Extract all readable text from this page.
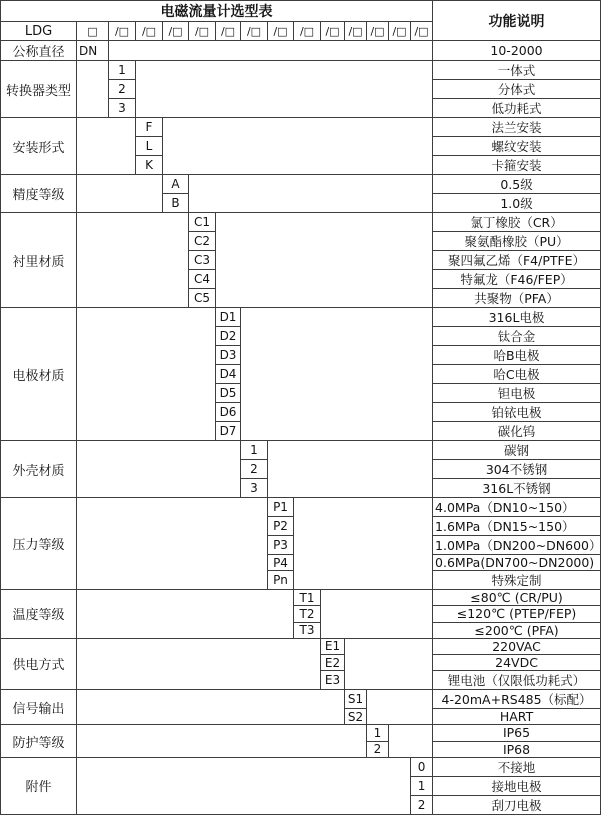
电磁流量计选型表															功能说明
LDG	□	/□	/□	/□	/□	/□	/□	/□	/□	/□	/□	/□	/□	/□	
公称直径	DN														10-2000
转换器类型		1													一体式
		2													分体式
		3													低功耗式
安装形式			F												法兰安装
			L												螺纹安装
			K												卡箍安装
精度等级				A											0.5级
				B											1.0级
衬里材质					C1										氯丁橡胶（CR）
					C2										聚氨酯橡胶（PU）
					C3										聚四氟乙烯（F4/PTFE）
					C4										特氟龙（F46/FEP）
					C5										共聚物（PFA）
电极材质						D1									316L电极
						D2									钛合金
						D3									哈B电极
						D4									哈C电极
						D5									钽电极
						D6									铂铱电极
						D7									碳化钨
外壳材质							1								碳钢
							2								304不锈钢
							3								316L不锈钢
压力等级								P1							4.0MPa（DN10~150）
								P2							1.6MPa（DN15~150）
								P3							1.0MPa（DN200~DN600）
								P4							0.6MPa(DN700~DN2000)
								Pn							特殊定制
温度等级									T1						≤80℃ (CR/PU)
									T2						≤120℃ (PTEP/FEP)
									T3						≤200℃ (PFA)
供电方式										E1					220VAC
										E2					24VDC
										E3					锂电池（仅限低功耗式）
信号输出											S1				4-20mA+RS485（标配）
											S2				HART
防护等级												1			IP65
												2			IP68
附件														0	不接地
														1	接地电极
														2	刮刀电极
